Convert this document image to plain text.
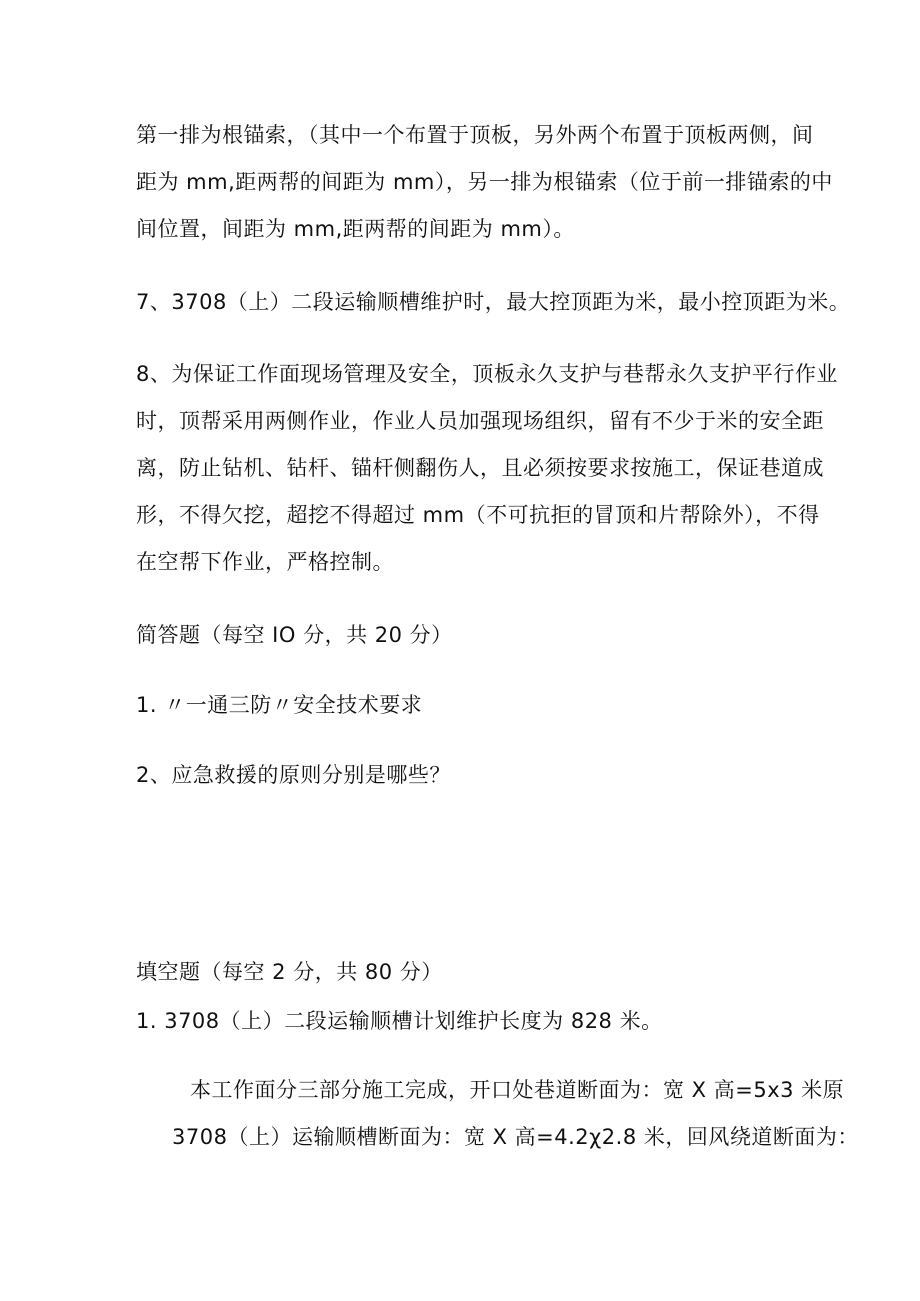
第一排为根锚索，（其中一个布置于顶板，另外两个布置于顶板两侧，间
距为 mm,距两帮的间距为 mm），另一排为根锚索（位于前一排锚索的中
间位置，间距为 mm,距两帮的间距为 mm）。
7、3708（上）二段运输顺槽维护时，最大控顶距为米，最小控顶距为米。
8、为保证工作面现场管理及安全，顶板永久支护与巷帮永久支护平行作业
时，顶帮采用两侧作业，作业人员加强现场组织，留有不少于米的安全距
离，防止钻机、钻杆、锚杆侧翻伤人，且必须按要求按施工，保证巷道成
形，不得欠挖，超挖不得超过 mm（不可抗拒的冒顶和片帮除外），不得
在空帮下作业，严格控制。
简答题（每空 IO 分，共 20 分）
1. 〃一通三防〃安全技术要求
2、应急救援的原则分别是哪些？
填空题（每空 2 分，共 80 分）
1. 3708（上）二段运输顺槽计划维护长度为 828 米。
本工作面分三部分施工完成，开口处巷道断面为：宽 X 高=5x3 米原
3708（上）运输顺槽断面为：宽 X 高=4.2χ2.8 米，回风绕道断面为：
